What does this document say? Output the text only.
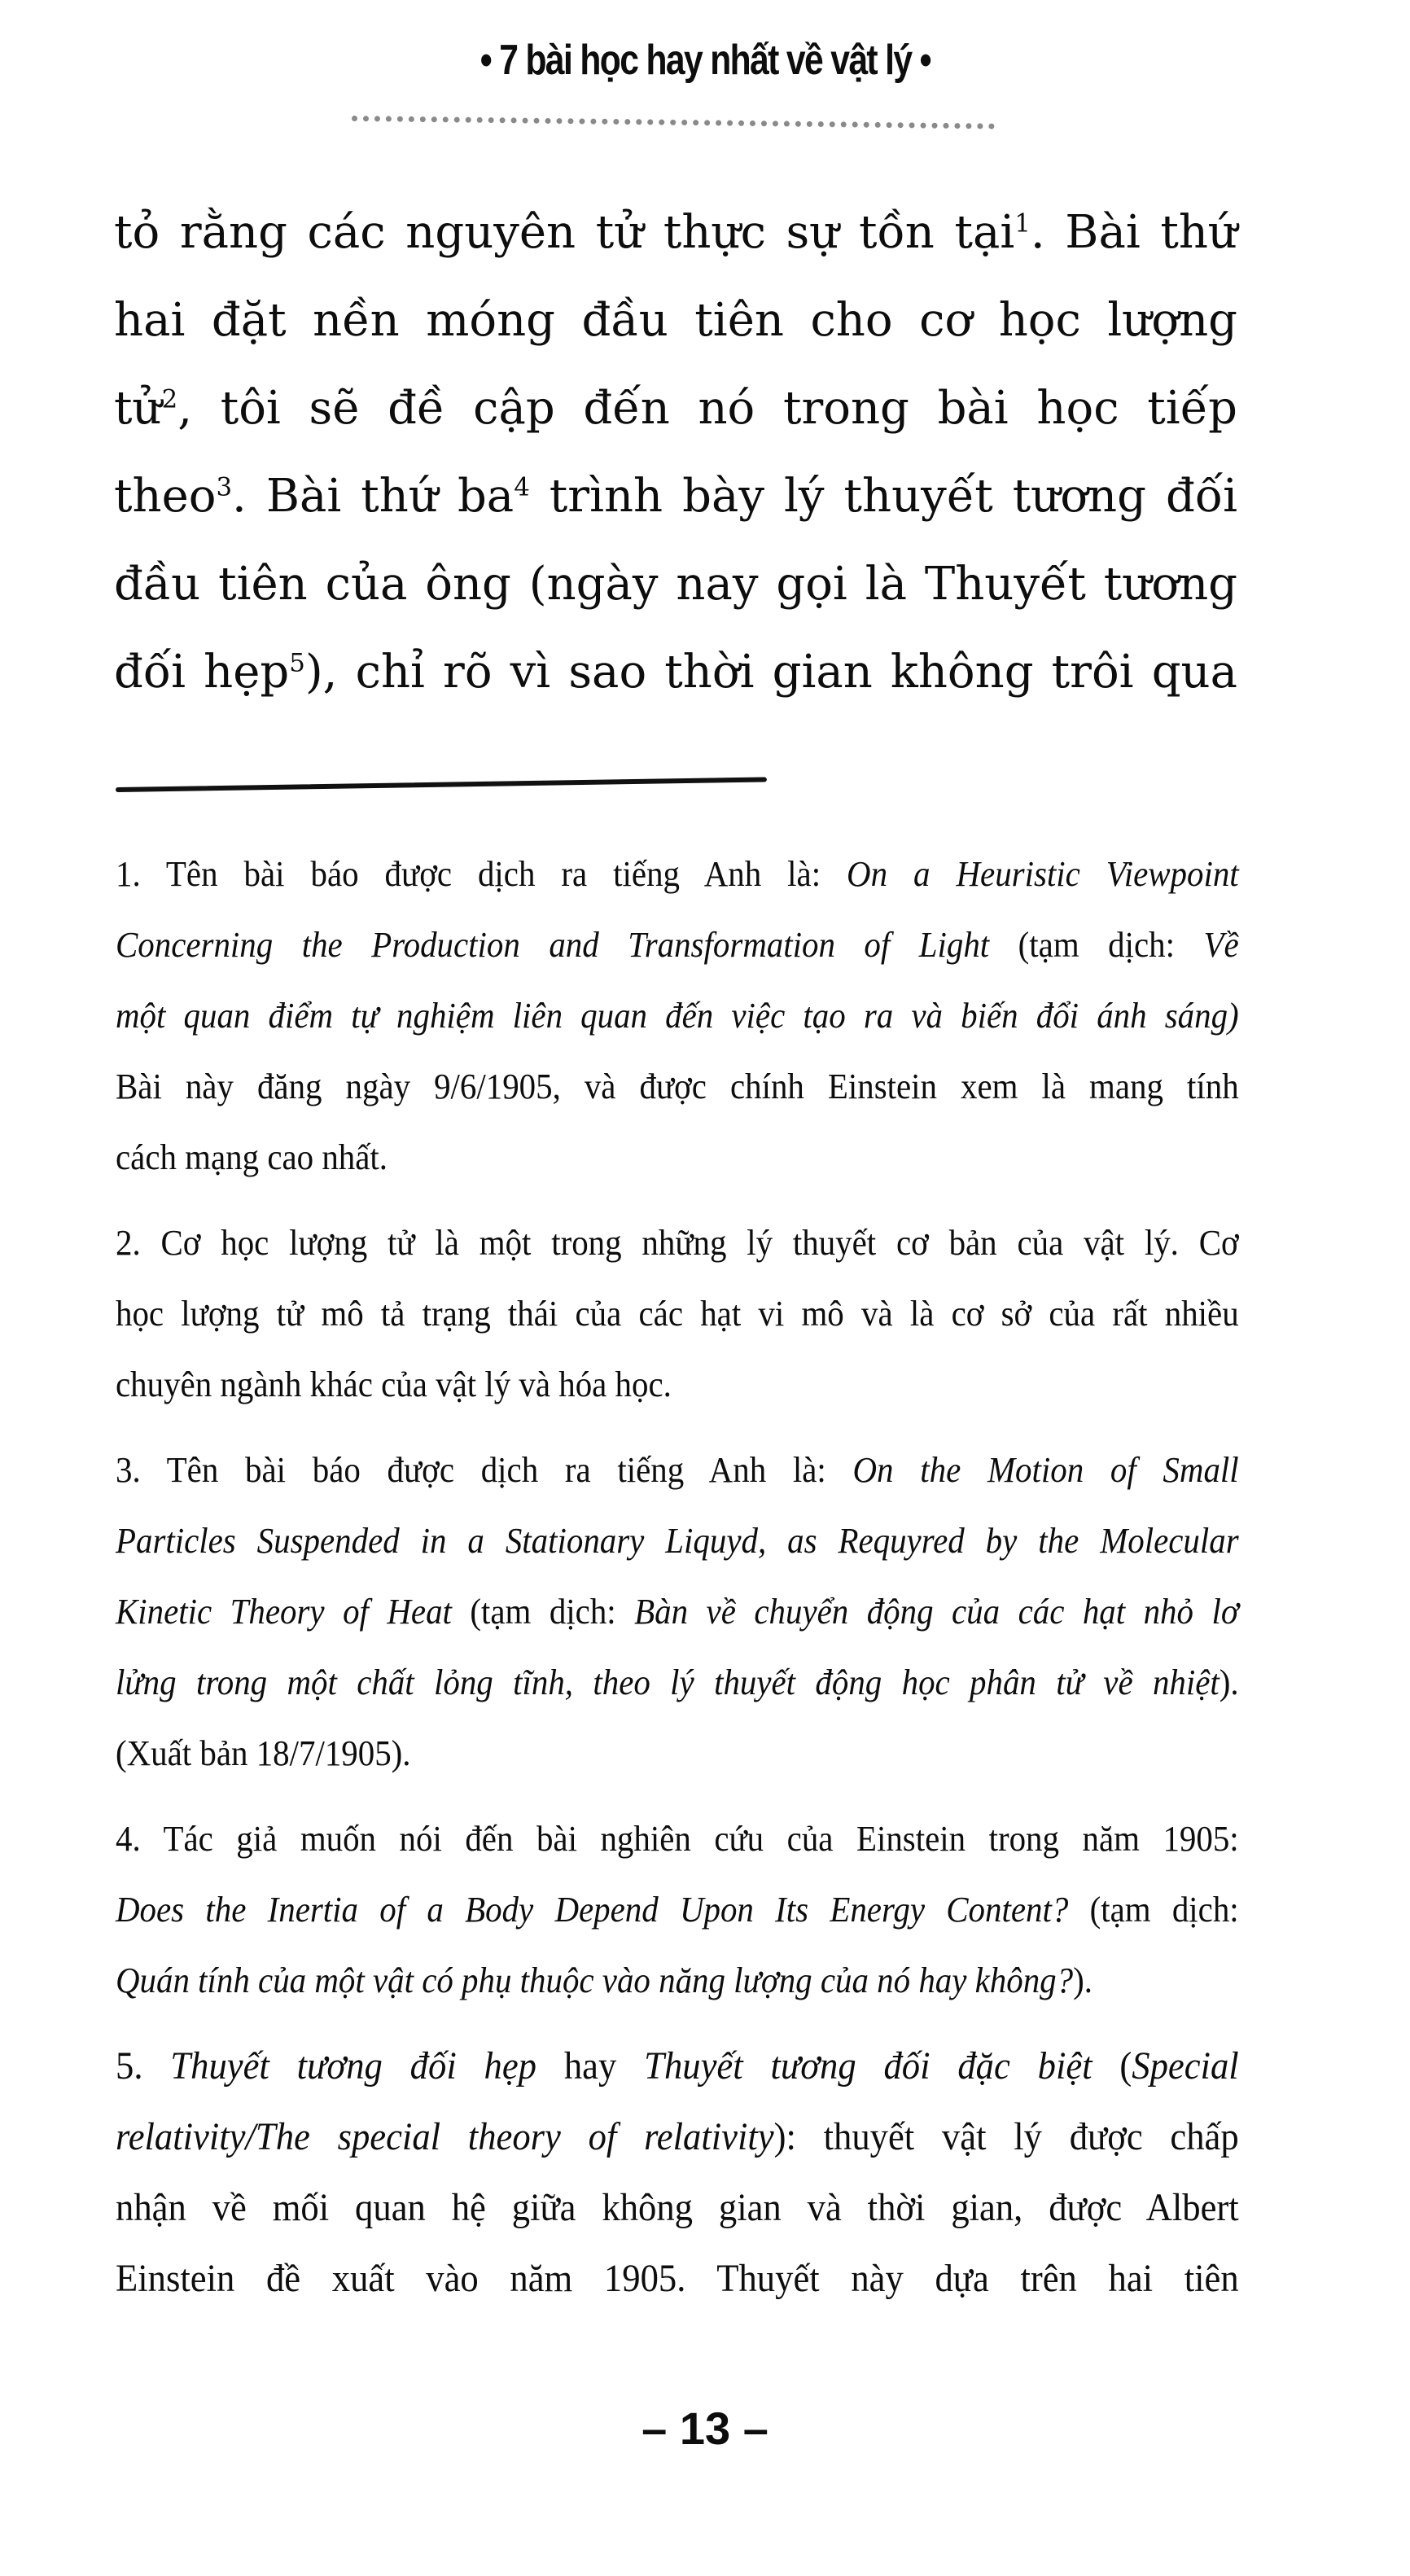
• 7 bài học hay nhất về vật lý •
tỏ rằng các nguyên tử thực sự tồn tại$^1$. Bài thứ
hai đặt nền móng đầu tiên cho cơ học lượng
tử$^2$, tôi sẽ đề cập đến nó trong bài học tiếp
theo$^3$. Bài thứ $ba^4$ trình bày lý thuyết tương đối
đầu tiên của ông (ngày nay gọi là Thuyết tương
đối hẹp$^5$), chỉ rõ vì sao thời gian không trôi qua
1. Tên bài báo được dịch ra tiếng Anh là: On a Heuristic Viewpoint
Concerning the Production and Transformation of Light (tạm dịch: Về
một quan điểm tự nghiệm liên quan đến việc tạo ra và biến đổi ánh sáng)
Bài này đăng ngày 9/6/1905, và được chính Einstein xem là mang tính
cách mạng cao nhất.
2. Cơ học lượng tử là một trong những lý thuyết cơ bản của vật lý. Cơ
học lượng tử mô tả trạng thái của các hạt vi mô và là cơ sở của rất nhiều
chuyên ngành khác của vật lý và hóa học.
3. Tên bài báo được dịch ra tiếng Anh là: On the Motion of Small
Particles Suspended in a Stationary Liquyd, as Requyred by the Molecular
Kinetic Theory of Heat (tạm dịch: Bàn về chuyển động của các hạt nhỏ lơ
lửng trong một chất lỏng tĩnh, theo lý thuyết động học phân tử về nhiệt).
(Xuất bản 18/7/1905).
4. Tác giả muốn nói đến bài nghiên cứu của Einstein trong năm 1905:
Does the Inertia of a Body Depend Upon Its Energy Content? (tạm dịch:
Quán tính của một vật có phụ thuộc vào năng lượng của nó hay không?).
5. Thuyết tương đối hẹp hay Thuyết tương đối đặc biệt (Special
relativity/The special theory of relativity): thuyết vật lý được chấp
nhận về mối quan hệ giữa không gian và thời gian, được Albert
Einstein đề xuất vào năm 1905. Thuyết này dựa trên hai tiên
– 13 –
